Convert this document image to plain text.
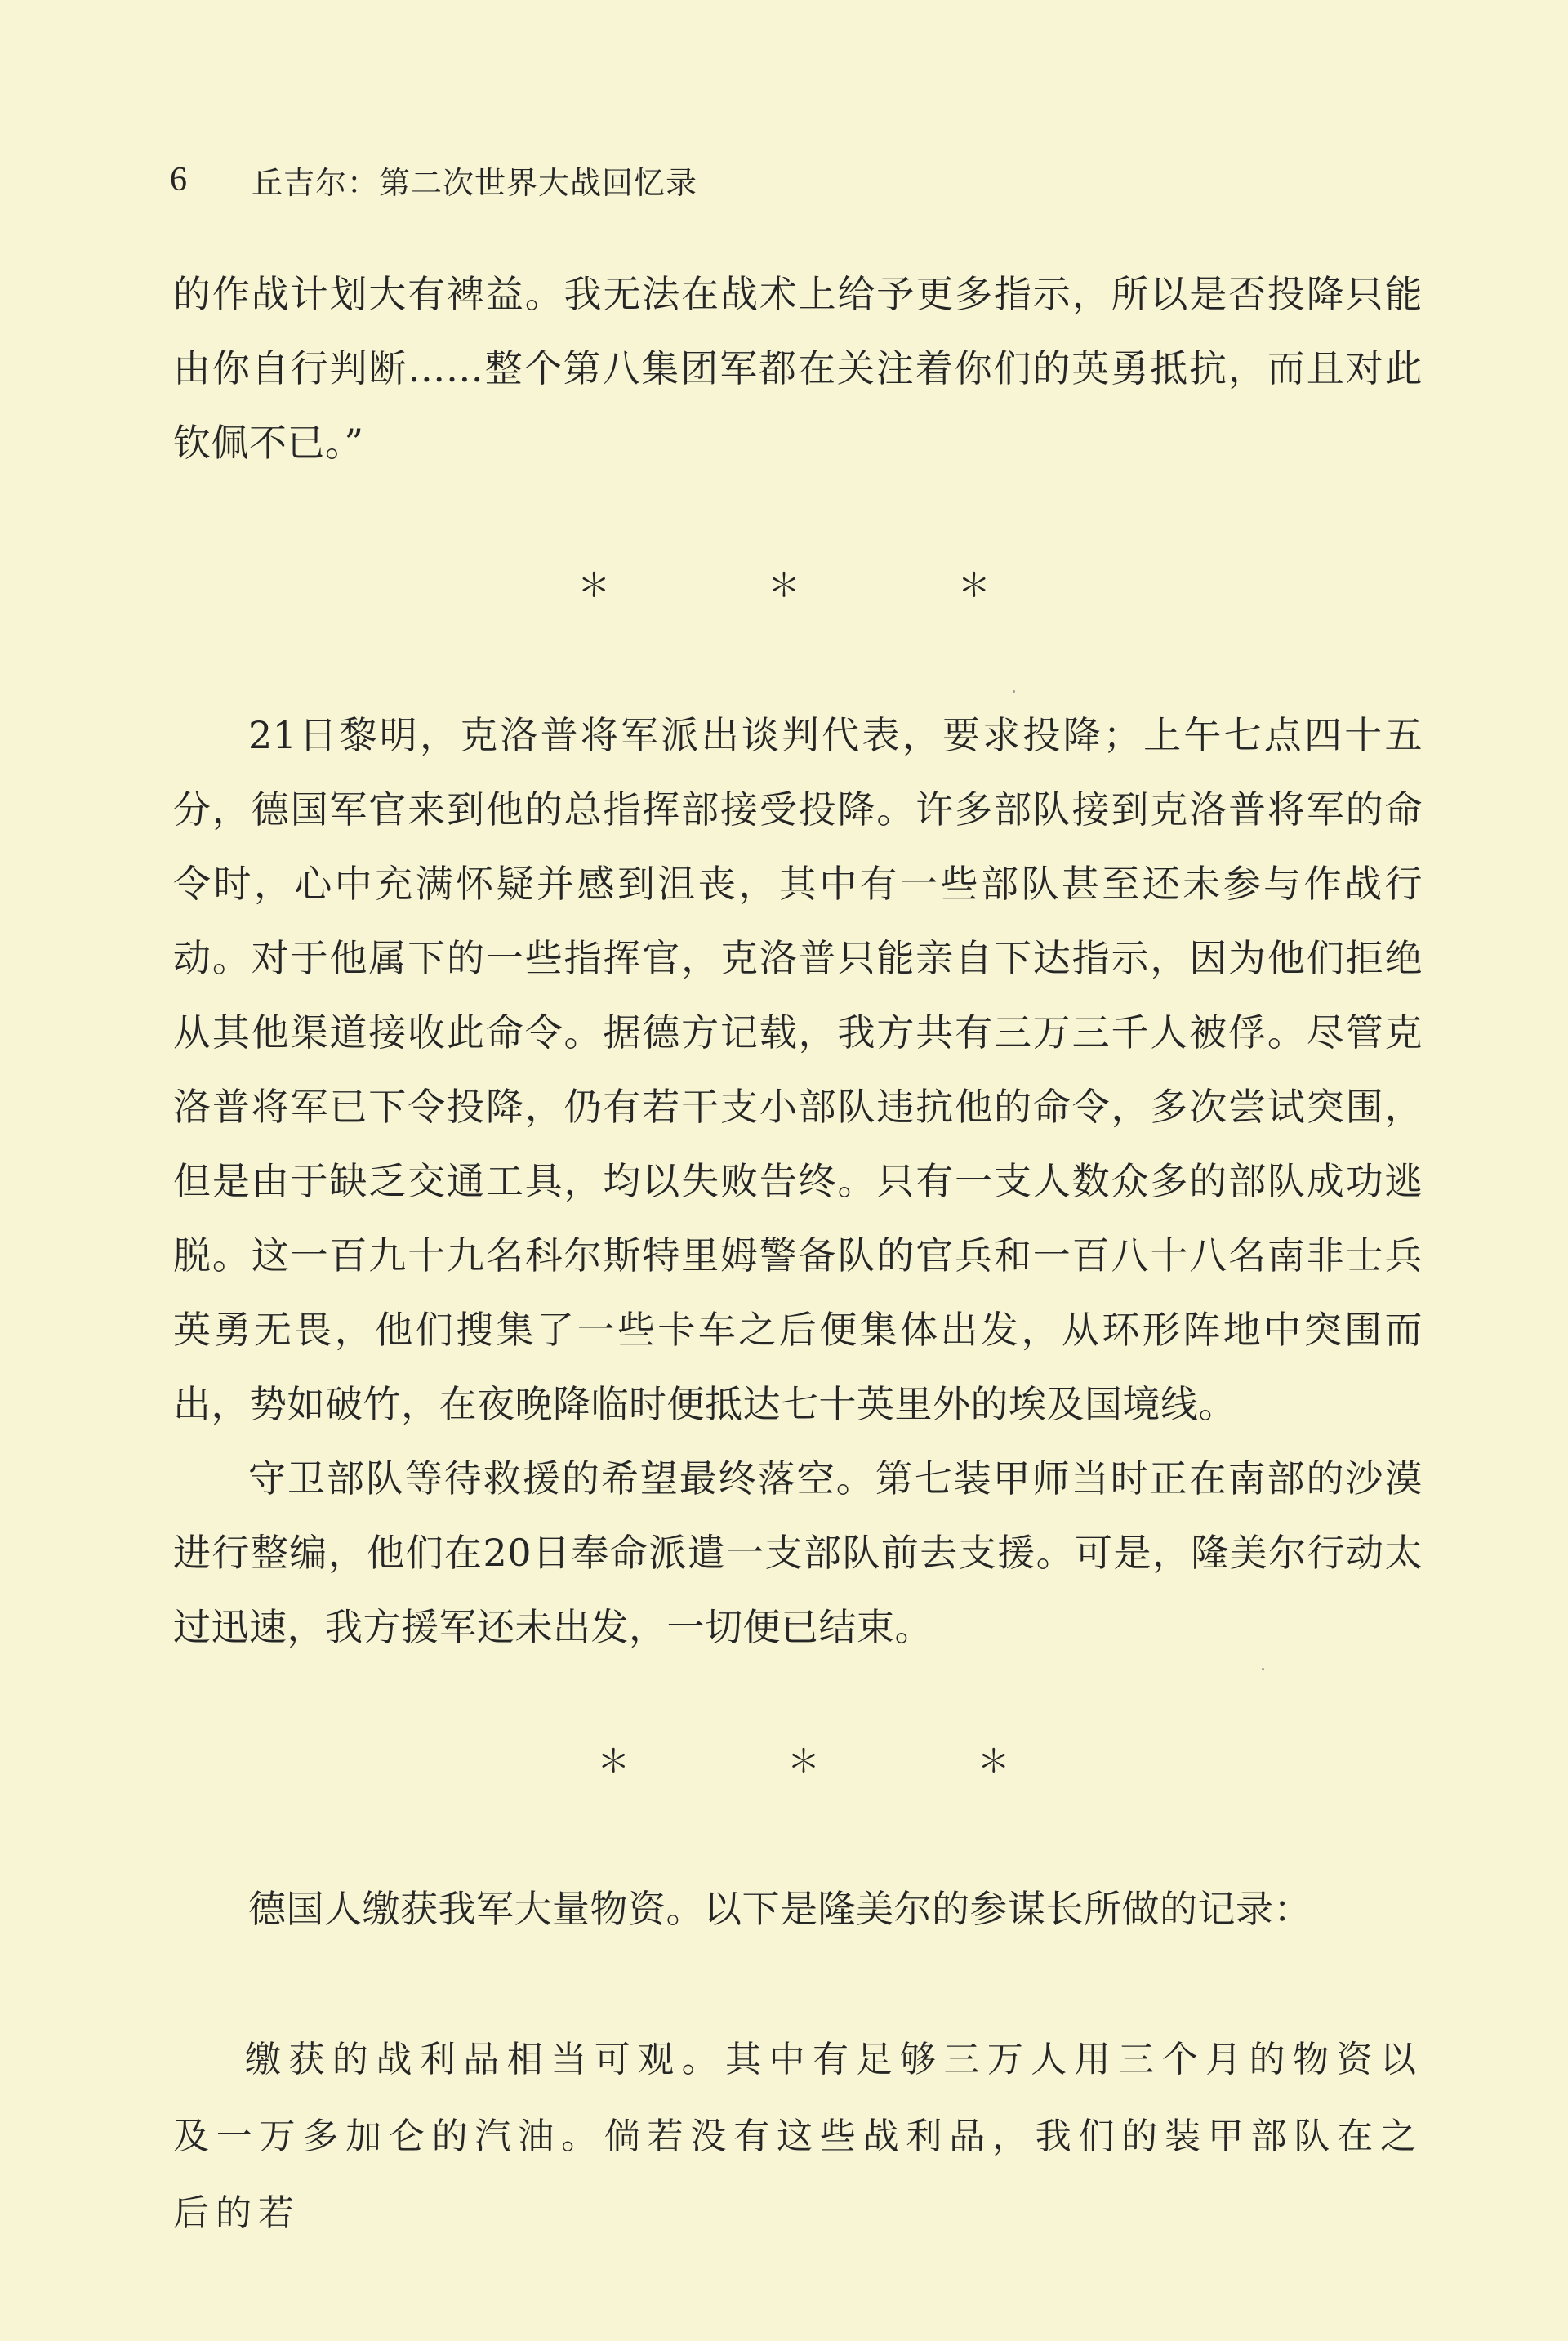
6	丘吉尔：第二次世界大战回忆录

的作战计划大有裨益。我无法在战术上给予更多指示，所以是否投降只能由你自行判断……整个第八集团军都在关注着你们的英勇抵抗，而且对此钦佩不已。”

＊ ＊ ＊

21日黎明，克洛普将军派出谈判代表，要求投降；上午七点四十五分，德国军官来到他的总指挥部接受投降。许多部队接到克洛普将军的命令时，心中充满怀疑并感到沮丧，其中有一些部队甚至还未参与作战行动。对于他属下的一些指挥官，克洛普只能亲自下达指示，因为他们拒绝从其他渠道接收此命令。据德方记载，我方共有三万三千人被俘。尽管克洛普将军已下令投降，仍有若干支小部队违抗他的命令，多次尝试突围，但是由于缺乏交通工具，均以失败告终。只有一支人数众多的部队成功逃脱。这一百九十九名科尔斯特里姆警备队的官兵和一百八十八名南非士兵英勇无畏，他们搜集了一些卡车之后便集体出发，从环形阵地中突围而出，势如破竹，在夜晚降临时便抵达七十英里外的埃及国境线。

守卫部队等待救援的希望最终落空。第七装甲师当时正在南部的沙漠进行整编，他们在20日奉命派遣一支部队前去支援。可是，隆美尔行动太过迅速，我方援军还未出发，一切便已结束。

＊ ＊ ＊

德国人缴获我军大量物资。以下是隆美尔的参谋长所做的记录：

缴获的战利品相当可观。其中有足够三万人用三个月的物资以及一万多加仑的汽油。倘若没有这些战利品，我们的装甲部队在之后的若
